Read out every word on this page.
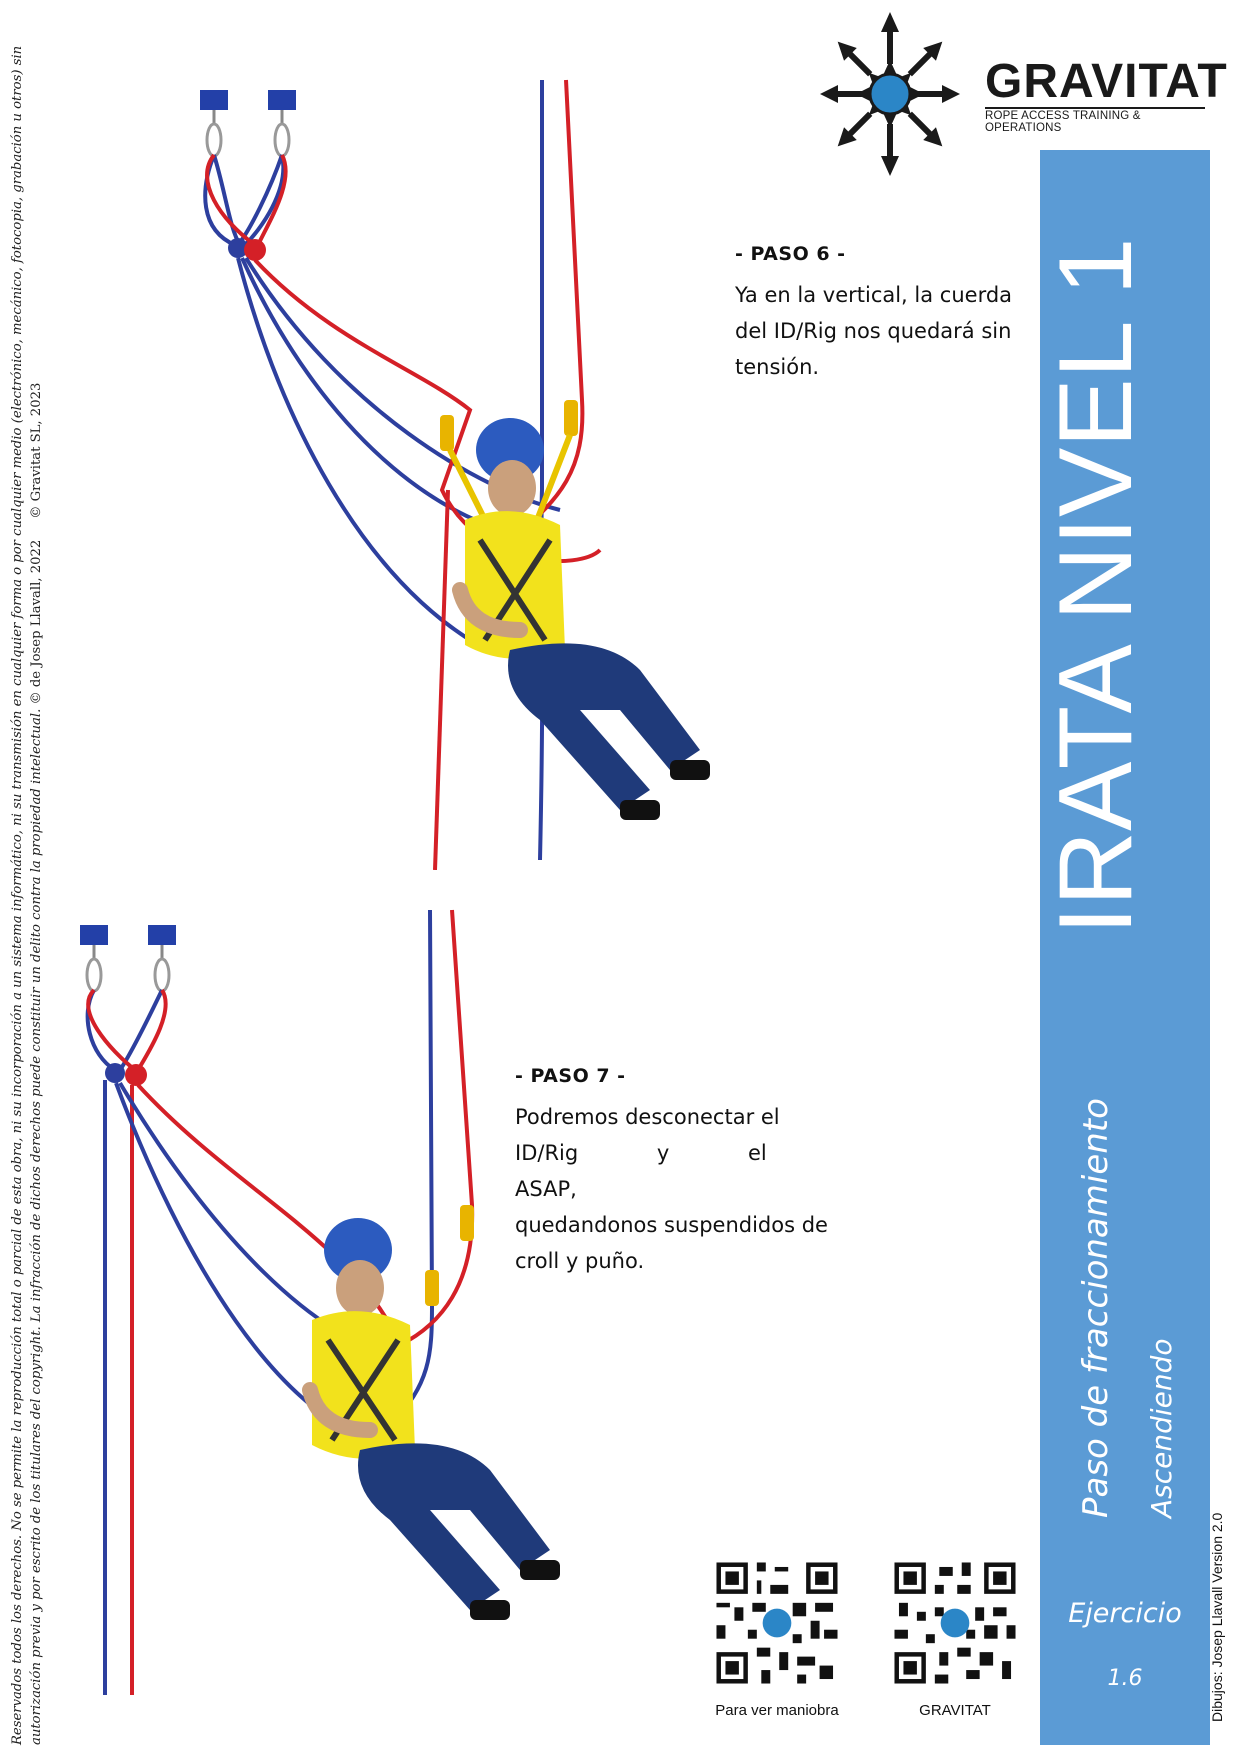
Reservados todos los derechos. No se permite la reproducción total o parcial de esta obra, ni su incorporación a un sistema informático, ni su transmisión en cualquier forma o por cualquier medio (electrónico, mecánico, fotocopia, grabación u otros) sin autorización previa y por escrito de los titulares del copyright. La infracción de dichos derechos puede constituir un delito contra la propiedad intelectual. © de Josep Llavall, 2022     © Gravitat SL, 2023

GRAVITAT
ROPE ACCESS TRAINING & OPERATIONS
IRATA NIVEL 1
Paso de fraccionamiento Ascendiendo
Ejercicio
1.6	Dibujos: Josep Llavall Version 2.0
- PASO 6 -
Ya en la vertical, la cuerda
del ID/Rig nos quedará sin
tensión.
- PASO 7 -
Podremos desconectar el
ID/Rig y el ASAP,
quedandonos suspendidos de
croll y puño.
Para ver maniobra	GRAVITAT
